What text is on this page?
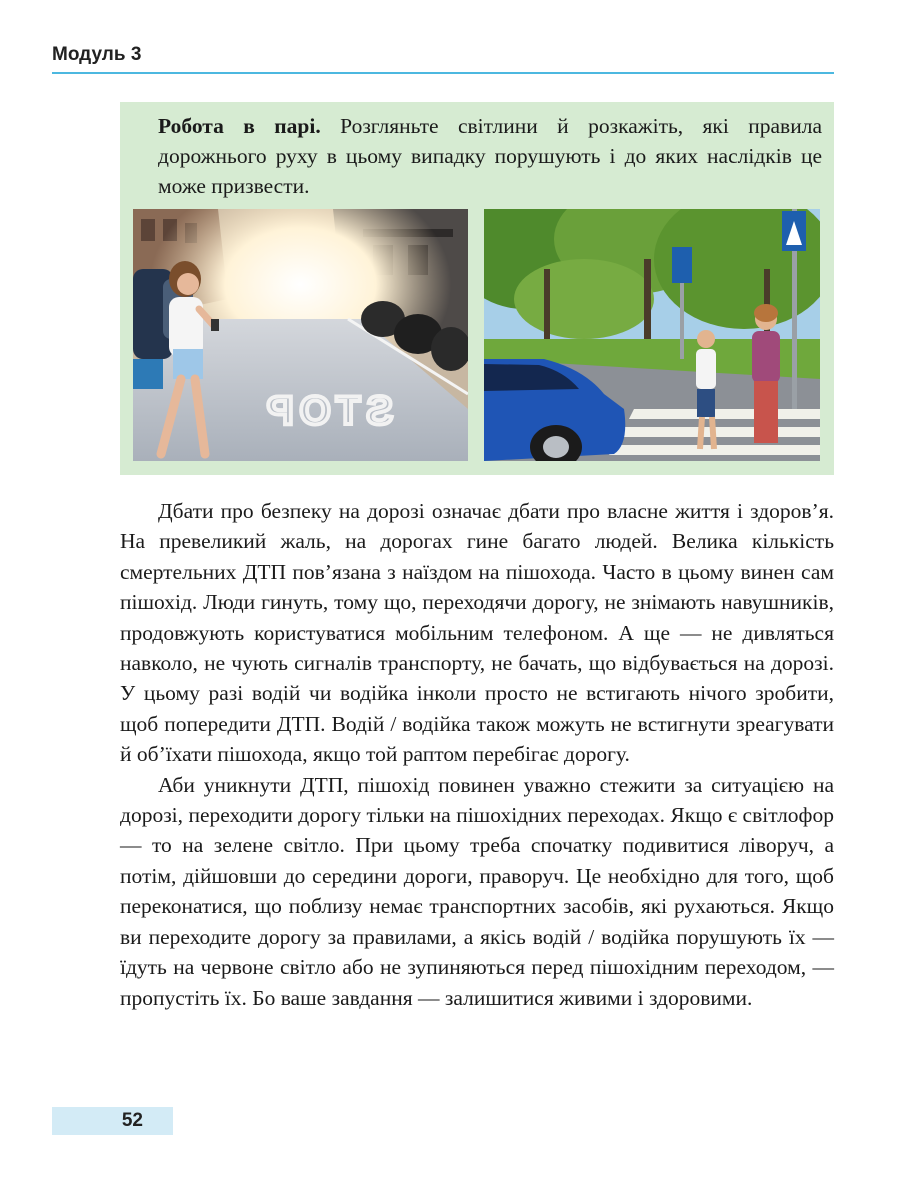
Модуль 3
Робота в парі. Розгляньте світлини й розкажіть, які правила дорожнього руху в цьому випадку порушують і до яких наслідків це може призвести.
STOP

Дбати про безпеку на дорозі означає дбати про власне життя і здоров’я. На превеликий жаль, на дорогах гине багато людей. Велика кількість смертельних ДТП пов’язана з наїздом на пішохода. Часто в цьому винен сам пішохід. Люди гинуть, тому що, переходячи дорогу, не знімають навушників, продовжують користуватися мобільним телефоном. А ще — не дивляться навколо, не чують сигналів транспорту, не бачать, що відбувається на дорозі. У цьому разі водій чи водійка інколи просто не встигають нічого зробити, щоб попередити ДТП. Водій / водійка також можуть не встигнути зреагувати й об’їхати пішохода, якщо той раптом перебігає дорогу.

Аби уникнути ДТП, пішохід повинен уважно стежити за ситуацією на дорозі, переходити дорогу тільки на пішохідних переходах. Якщо є світлофор — то на зелене світло. При цьому треба спочатку подивитися ліворуч, а потім, дійшовши до середини дороги, праворуч. Це необхідно для того, щоб переконатися, що поблизу немає транспортних засобів, які рухаються. Якщо ви переходите дорогу за правилами, а якісь водій / водійка порушують їх — їдуть на червоне світло або не зупиняються перед пішохідним переходом, — пропустіть їх. Бо ваше завдання — залишитися живими і здоровими.

52
